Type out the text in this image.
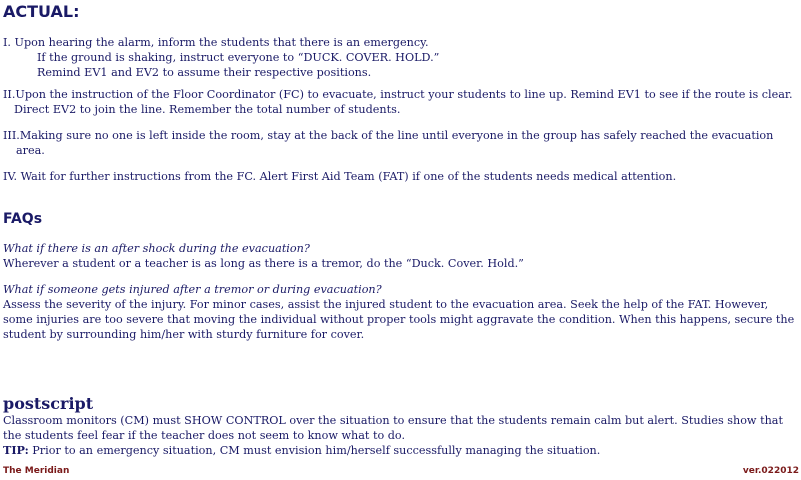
ACTUAL:
I. Upon hearing the alarm, inform the students that there is an emergency.
If the ground is shaking, instruct everyone to “DUCK. COVER. HOLD.”
Remind EV1 and EV2 to assume their respective positions.
II.Upon the instruction of the Floor Coordinator (FC) to evacuate, instruct your students to line up. Remind EV1 to see if the route is clear.
Direct EV2 to join the line. Remember the total number of students.
III.Making sure no one is left inside the room, stay at the back of the line until everyone in the group has safely reached the evacuation
area.
IV. Wait for further instructions from the FC. Alert First Aid Team (FAT) if one of the students needs medical attention.
FAQs
What if there is an after shock during the evacuation?
Wherever a student or a teacher is as long as there is a tremor, do the “Duck. Cover. Hold.”
What if someone gets injured after a tremor or during evacuation?
Assess the severity of the injury. For minor cases, assist the injured student to the evacuation area. Seek the help of the FAT. However, some injuries are too severe that moving the individual without proper tools might aggravate the condition. When this happens, secure the student by surrounding him/her with sturdy furniture for cover.
postscript
Classroom monitors (CM) must SHOW CONTROL over the situation to ensure that the students remain calm but alert. Studies show that the students feel fear if the teacher does not seem to know what to do.
TIP: Prior to an emergency situation, CM must envision him/herself successfully managing the situation.
The Meridian	ver.022012
